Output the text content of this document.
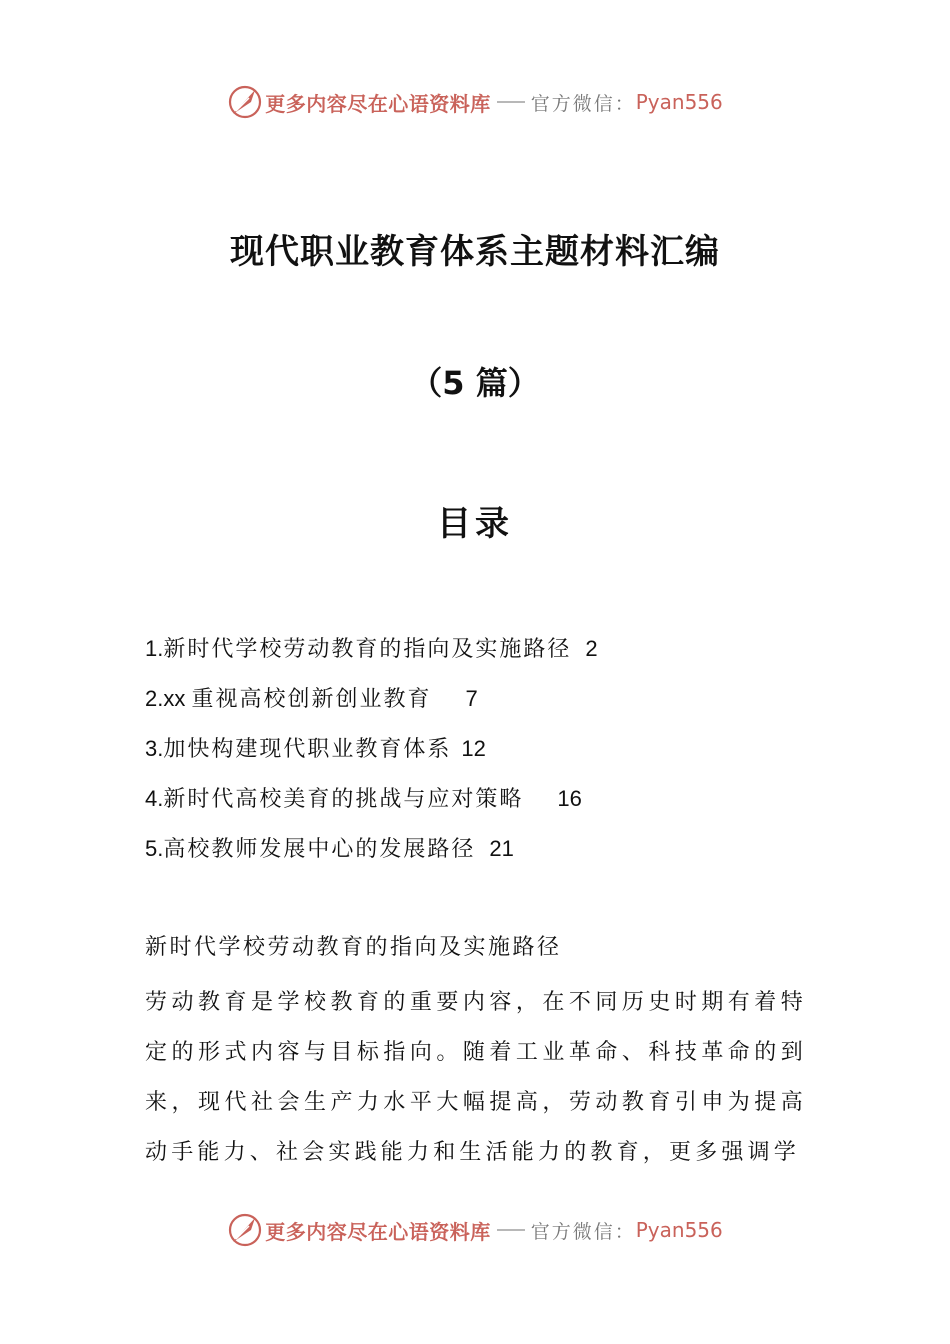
更多内容尽在心语资料库 官方微信： Pyan556
现代职业教育体系主题材料汇编
（5 篇）
目录
1.新时代学校劳动教育的指向及实施路径 2
2.xx 重视高校创新创业教育 7
3.加快构建现代职业教育体系 12
4.新时代高校美育的挑战与应对策略 16
5.高校教师发展中心的发展路径 21
新时代学校劳动教育的指向及实施路径

劳动教育是学校教育的重要内容，在不同历史时期有着特定的形式内容与目标指向。随着工业革命、科技革命的到来，现代社会生产力水平大幅提高，劳动教育引申为提高动手能力、社会实践能力和生活能力的教育，更多强调学

更多内容尽在心语资料库 官方微信： Pyan556
